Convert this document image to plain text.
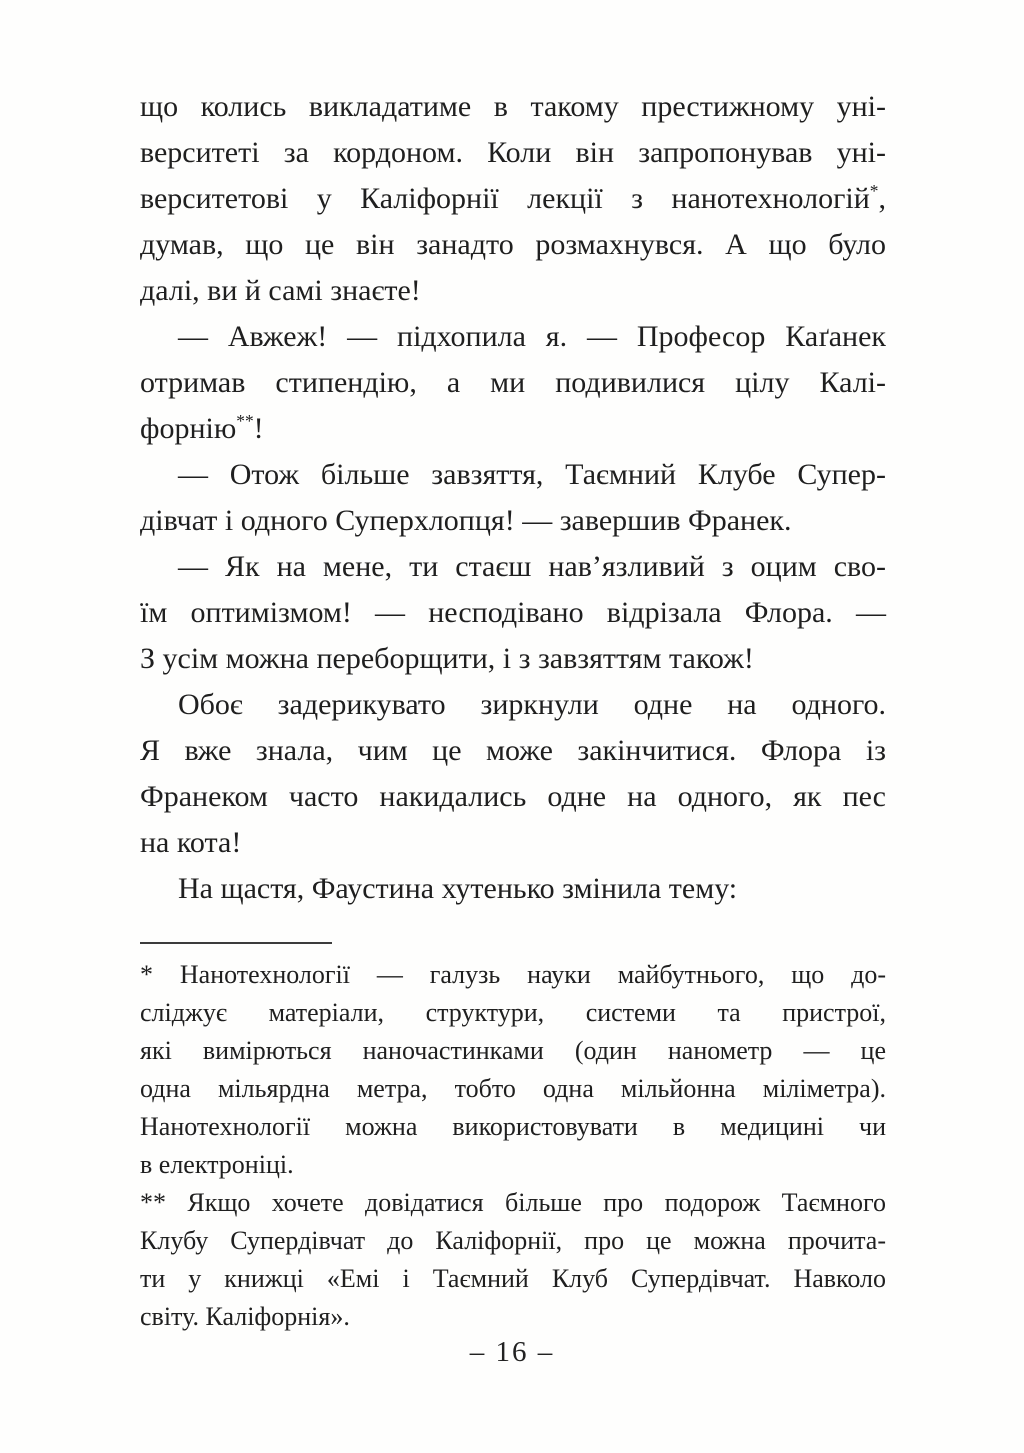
що колись викладатиме в такому престижному уні-
верситеті за кордоном. Коли він запропонував уні-
верситетові у Каліфорнії лекції з нанотехнологій*,
думав, що це він занадто розмахнувся. А що було
далі, ви й самі знаєте!
— Авжеж! — підхопила я. — Професор Каґанек
отримав стипендію, а ми подивилися цілу Калі-
форнію**!
— Отож більше завзяття, Таємний Клубе Супер-
дівчат і одного Суперхлопця! — завершив Франек.
— Як на мене, ти стаєш нав’язливий з оцим сво-
їм оптимізмом! — несподівано відрізала Флора. —
З усім можна переборщити, і з завзяттям також!
Обоє задерикувато зиркнули одне на одного.
Я вже знала, чим це може закінчитися. Флора із
Франеком часто накидались одне на одного, як пес
на кота!
На щастя, Фаустина хутенько змінила тему:
* Нанотехнології — галузь науки майбутнього, що до-
сліджує матеріали, структури, системи та пристрої,
які вимірються наночастинками (один нанометр — це
одна мільярдна метра, тобто одна мільйонна міліметра).
Нанотехнології можна використовувати в медицині чи
в електроніці.
** Якщо хочете довідатися більше про подорож Таємного
Клубу Супердівчат до Каліфорнії, про це можна прочита-
ти у книжці «Емі і Таємний Клуб Супердівчат. Навколо
світу. Каліфорнія».
– 16 –
